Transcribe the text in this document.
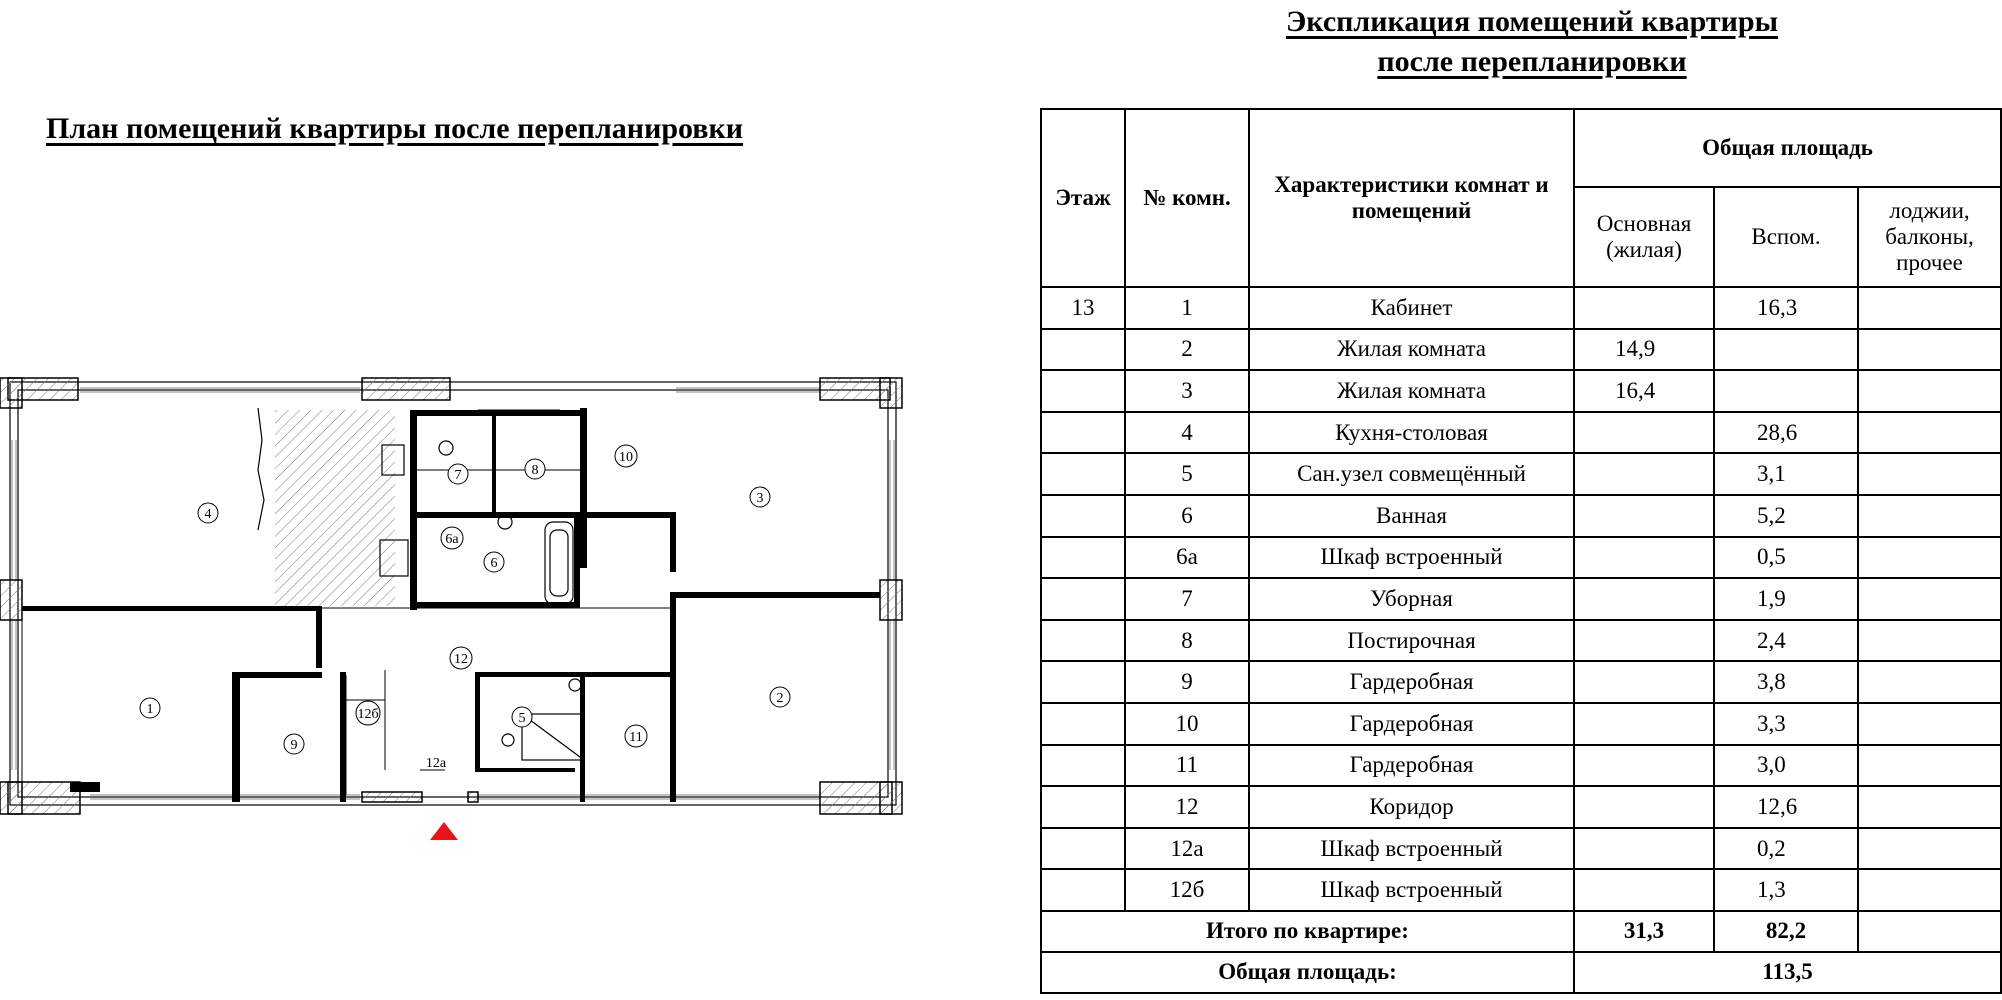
План помещений квартиры после перепланировки
1
2
3
4
5
6
6а
7	8
9
10
11
12
12а
12б
Экспликация помещений квартиры
после перепланировки
Этаж	№ комн.	Характеристики комнат и помещений	Общая площадь		
			Основная (жилая)	Вспом.	лоджии, балконы, прочее
13	1	Кабинет		16,3	
	2	Жилая комната	14,9		
	3	Жилая комната	16,4		
	4	Кухня-столовая		28,6	
	5	Сан.узел совмещённый		3,1	
	6	Ванная		5,2	
	6а	Шкаф встроенный		0,5	
	7	Уборная		1,9	
	8	Постирочная		2,4	
	9	Гардеробная		3,8	
	10	Гардеробная		3,3	
	11	Гардеробная		3,0	
	12	Коридор		12,6	
	12а	Шкаф встроенный		0,2	
	12б	Шкаф встроенный		1,3	
Итого по квартире:			31,3	82,2	
Общая площадь:			113,5		
